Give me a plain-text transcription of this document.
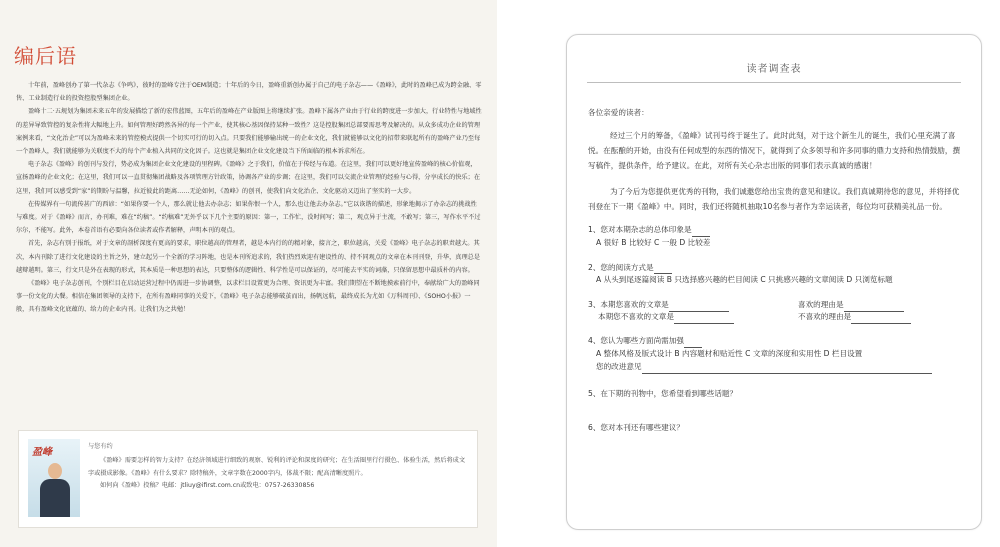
编后语

十年前，盈峰创办了第一代杂志《争鸣》，彼时的盈峰专注于OEM制造；十年后的今日，盈峰重新创办属于自己的电子杂志——《盈峰》，此时的盈峰已成为跨金融、零售、工业制造行业的投资控股型集团企业。

盈峰十二·五规划为集团未来五年的发展描绘了新的宏伟蓝图，五年后的盈峰在产业版图上将继续扩张。盈峰下属各产业由于行业的跨度进一步加大，行业特性与地域性的差异导致管控的复杂性将大幅地上升。如何管理好跨然各异的每一个产业，使其核心基因保持某种一致性？这是控股集团总部要需思考及解决的。从众多成功企业的管理案例来看，“文化治企”可以为盈峰未来的管控模式提供一个切实可行的切入点。只要我们能够输出统一的企业文化，我们就能够以文化的招带来联起所有的盈峰产业乃至每一个盈峰人，我们就能够为关联度不大的每个产业植入共同的文化因子。这也就是集团企业文化建设当下所面临的根本诉求所在。

电子杂志《盈峰》的创刊与发行，势必成为集团企业文化建设的里程碑。《盈峰》之于我们，价值在于传经与布道。在这里，我们可以更好地宣传盈峰的核心价值观，宣扬盈峰的企业文化；在这里，我们可以一直贯彻集团战略及各项管理方针政策，协调各产业的步调；在这里，我们可以交流企业管理的经验与心得，分享成长的快乐；在这里，我们可以感受到“家”的期盼与温馨，拉近彼此的距离……无论如何，《盈峰》的创刊，使我们向文化治企、文化驱动又迈出了坚实的一大步。

在传媒界有一句流传甚广的西谚：“如果你要一个人，那么就让他去办杂志；如果你恨一个人，那么也让他去办杂志。”它以诙谐的描述，形象地揭示了办杂志的挑战性与难度。对于《盈峰》而言，办刊难，难在“约稿”。“约稿难”无外乎以下几个主要的原因：第一，工作忙，没时间写；第二，观点异于主流，不敢写；第三，写作水平不过尔尔，不能写。此外，本卷首语有必要向各位读者或作者解释，声明本刊的观点。

首先，杂志有别于报纸，对于文章的剖析深度有更高的要求，职位越高的管理者，越是本内行的的精对象，接言之，职位越高，关爱《盈峰》电子杂志的职责越大。其次，本内刊除了进行文化建设的主旨之外，建立起另一个全新的学习阵地，也是本刊所追求的，我们热烈欢迎有建设性的、持不同观点的文章在本刊刊登，升华，真理总是越辩越明。第三，行文只是外在表现的形式，其本质是一种思想的表达，只要整体的逻辑性、科学性是可以保证的，尽可能去平实的词藻，只保留思想中最质朴的内容。

《盈峰》电子杂志创刊，个别栏目在启动运营过程中仍需进一步协调整，以求栏目设置更为合理、资讯更为丰富。我们期望在不断地摸索前行中，奉献给广大的盈峰同事一份文化的大餐。相信在集团领导的支持下，在所有盈峰同事的关爱下，《盈峰》电子杂志能够破茧而出，扬帆远航，最终成长为尤如《万科周刊》、《SOHO小报》一般，具有盈峰文化底蕴的、给力的企业内刊。让我们为之共勉！

盈峰
与您有约

《盈峰》需要怎样的智力支持？在经济领域进行细致的观察、锐利的评论和深度的研究；在生活圈里行行摄色、体验生活，然后将成文字或摄成影像。《盈峰》有什么要求？除特稿外，文章字数在2000字内，体裁不限；配高清晰度照片。

如何向《盈峰》投稿？电邮：jtliuy@ifirst.com.cn或致电：0757-26330856

读者调查表

各位亲爱的读者：

经过三个月的筹备，《盈峰》试刊号终于诞生了。此时此刻，对于这个新生儿的诞生，我们心里充满了喜悦。在酝酿的开始，由没有任何成型的东西的情况下，就得到了众多领导和许多同事的鼎力支持和热情鼓励，撰写稿件，提供条件，给予建议。在此，对所有关心杂志出版的同事们表示真诚的感谢！

为了今后为您提供更优秀的刊物，我们诚邀您给出宝贵的意见和建议。我们真诚期待您的意见，并将择优刊登在下一期《盈峰》中。同时，我们还将随机抽取10名参与者作为幸运读者，每位均可获精美礼品一份。

1、您对本期杂志的总体印象是
A 很好 B 比较好 C 一般 D 比较差
2、您的阅读方式是
A 从头到尾逐篇阅读 B 只选择感兴趣的栏目阅读 C 只挑感兴趣的文章阅读 D 只浏览标题
3、本期您喜欢的文章是
本期您不喜欢的文章是
喜欢的理由是
不喜欢的理由是
4、您认为哪些方面尚需加强
A 整体风格及版式设计 B 内容题材和贴近性 C 文章的深度和实用性 D 栏目设置
您的改进意见
5、在下期的刊物中，您希望看到哪些话题？
6、您对本刊还有哪些建议？
